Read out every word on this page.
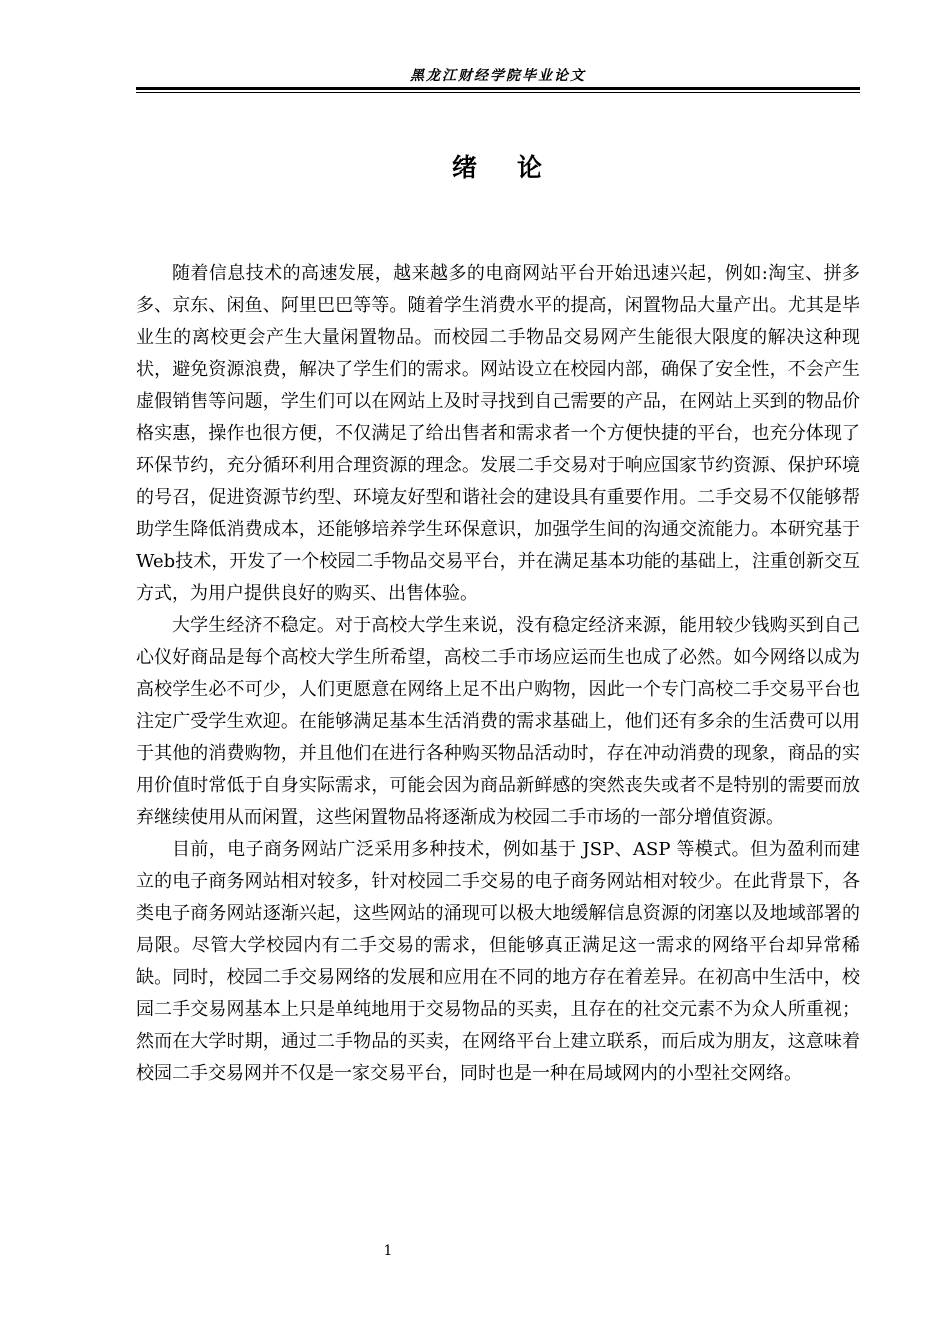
黑龙江财经学院毕业论文
绪 论

随着信息技术的高速发展，越来越多的电商网站平台开始迅速兴起，例如:淘宝、拼多多、京东、闲鱼、阿里巴巴等等。随着学生消费水平的提高，闲置物品大量产出。尤其是毕业生的离校更会产生大量闲置物品。而校园二手物品交易网产生能很大限度的解决这种现状，避免资源浪费，解决了学生们的需求。网站设立在校园内部，确保了安全性，不会产生虚假销售等问题，学生们可以在网站上及时寻找到自己需要的产品，在网站上买到的物品价格实惠，操作也很方便，不仅满足了给出售者和需求者一个方便快捷的平台，也充分体现了环保节约，充分循环利用合理资源的理念。发展二手交易对于响应国家节约资源、保护环境的号召，促进资源节约型、环境友好型和谐社会的建设具有重要作用。二手交易不仅能够帮助学生降低消费成本，还能够培养学生环保意识，加强学生间的沟通交流能力。本研究基于Web技术，开发了一个校园二手物品交易平台，并在满足基本功能的基础上，注重创新交互方式，为用户提供良好的购买、出售体验。

大学生经济不稳定。对于高校大学生来说，没有稳定经济来源，能用较少钱购买到自己心仪好商品是每个高校大学生所希望，高校二手市场应运而生也成了必然。如今网络以成为高校学生必不可少，人们更愿意在网络上足不出户购物，因此一个专门高校二手交易平台也注定广受学生欢迎。在能够满足基本生活消费的需求基础上，他们还有多余的生活费可以用于其他的消费购物，并且他们在进行各种购买物品活动时，存在冲动消费的现象，商品的实用价值时常低于自身实际需求，可能会因为商品新鲜感的突然丧失或者不是特别的需要而放弃继续使用从而闲置，这些闲置物品将逐渐成为校园二手市场的一部分增值资源。

目前，电子商务网站广泛采用多种技术，例如基于 JSP、ASP 等模式。但为盈利而建立的电子商务网站相对较多，针对校园二手交易的电子商务网站相对较少。在此背景下，各类电子商务网站逐渐兴起，这些网站的涌现可以极大地缓解信息资源的闭塞以及地域部署的局限。尽管大学校园内有二手交易的需求，但能够真正满足这一需求的网络平台却异常稀缺。同时，校园二手交易网络的发展和应用在不同的地方存在着差异。在初高中生活中，校园二手交易网基本上只是单纯地用于交易物品的买卖，且存在的社交元素不为众人所重视；然而在大学时期，通过二手物品的买卖，在网络平台上建立联系，而后成为朋友，这意味着校园二手交易网并不仅是一家交易平台，同时也是一种在局域网内的小型社交网络。

1
